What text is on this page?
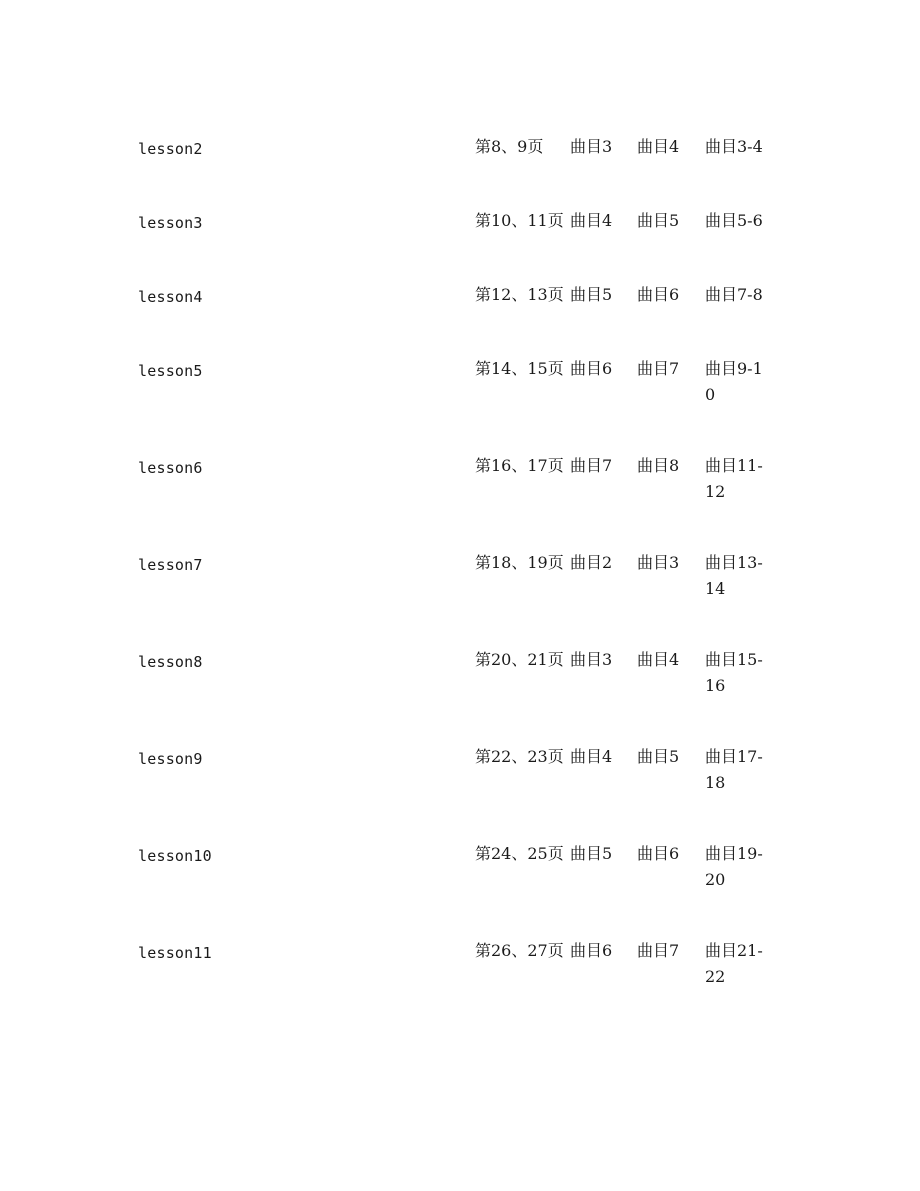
lesson2	第8、9页 曲目3 曲目4 曲目3-4
lesson3	第10、11页 曲目4 曲目5 曲目5-6
lesson4	第12、13页 曲目5 曲目6 曲目7-8
lesson5	第14、15页 曲目6 曲目7 曲目9-10
lesson6	第16、17页 曲目7 曲目8 曲目11-12
lesson7	第18、19页 曲目2 曲目3 曲目13-14
lesson8	第20、21页 曲目3 曲目4 曲目15-16
lesson9	第22、23页 曲目4 曲目5 曲目17-18
lesson10	第24、25页 曲目5 曲目6 曲目19-20
lesson11	第26、27页 曲目6 曲目7 曲目21-22
